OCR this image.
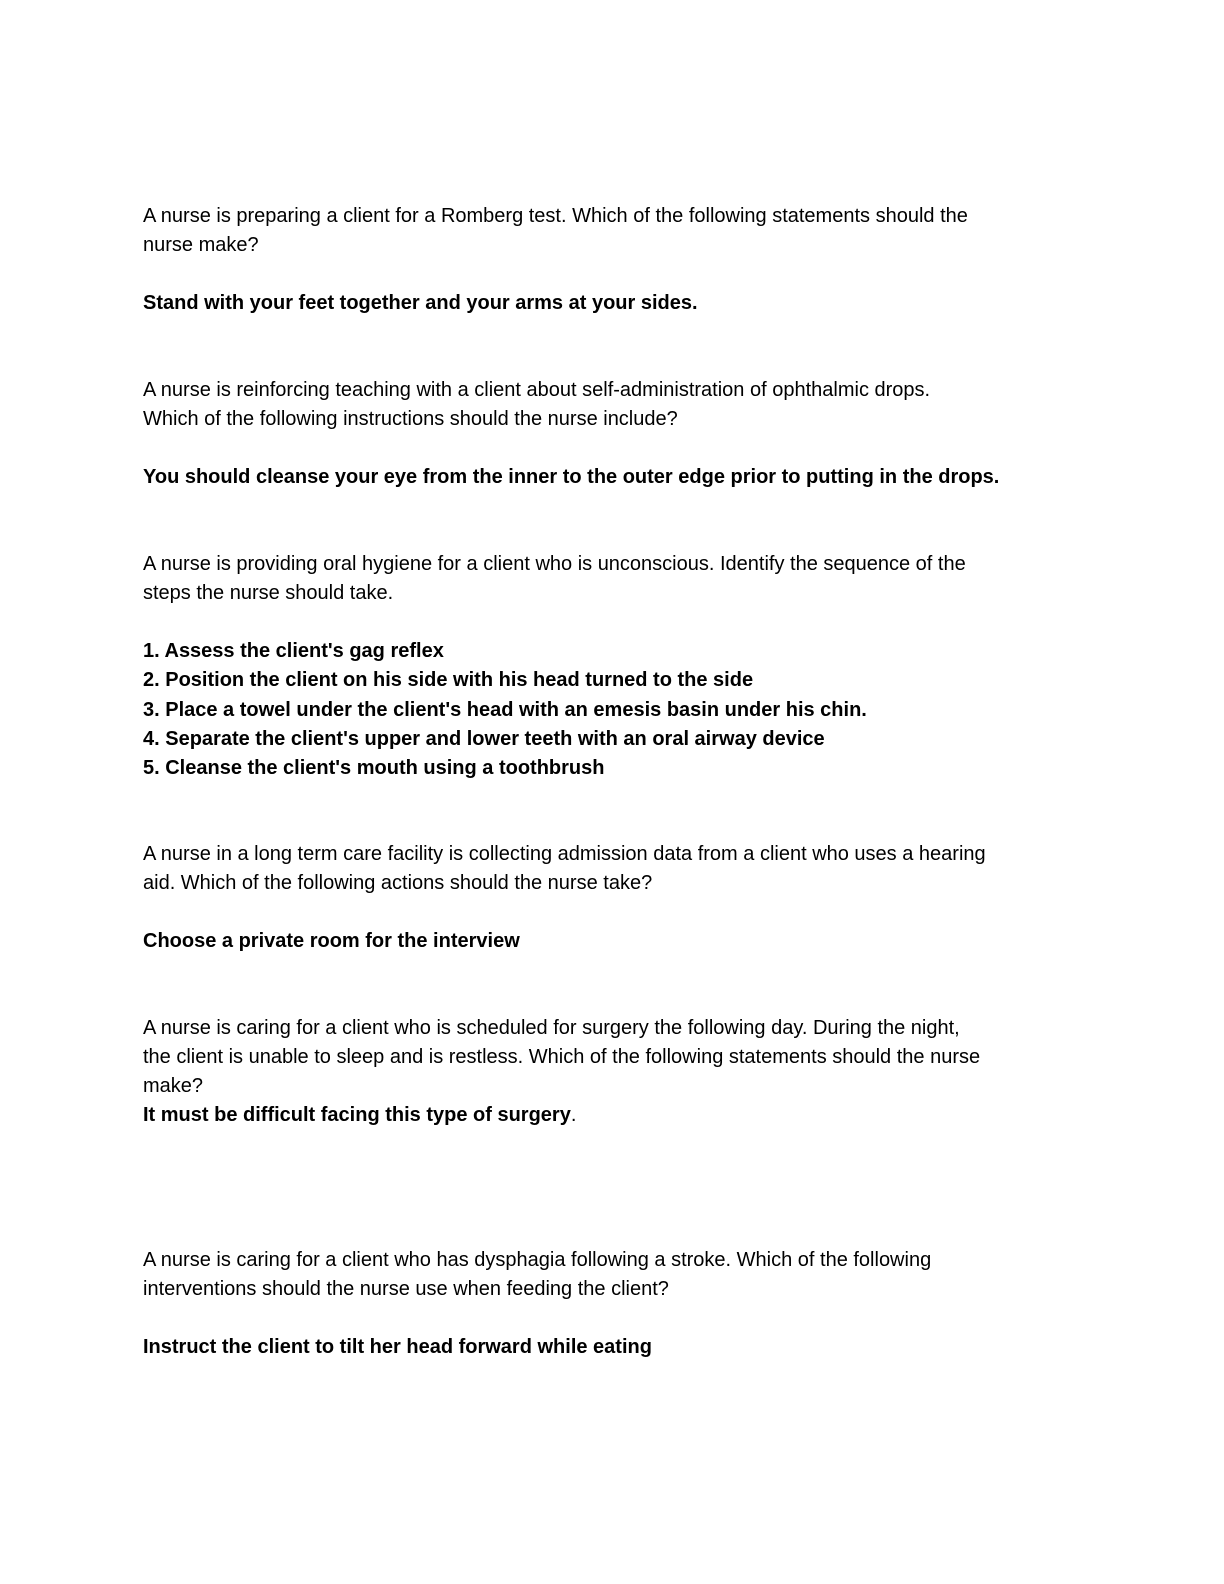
A nurse is preparing a client for a Romberg test. Which of the following statements should the

nurse make?

Stand with your feet together and your arms at your sides.

A nurse is reinforcing teaching with a client about self-administration of ophthalmic drops.

Which of the following instructions should the nurse include?

You should cleanse your eye from the inner to the outer edge prior to putting in the drops.

A nurse is providing oral hygiene for a client who is unconscious. Identify the sequence of the

steps the nurse should take.

1. Assess the client's gag reflex

2. Position the client on his side with his head turned to the side

3. Place a towel under the client's head with an emesis basin under his chin.

4. Separate the client's upper and lower teeth with an oral airway device

5. Cleanse the client's mouth using a toothbrush

A nurse in a long term care facility is collecting admission data from a client who uses a hearing

aid. Which of the following actions should the nurse take?

Choose a private room for the interview

A nurse is caring for a client who is scheduled for surgery the following day. During the night,

the client is unable to sleep and is restless. Which of the following statements should the nurse

make?

It must be difficult facing this type of surgery.

A nurse is caring for a client who has dysphagia following a stroke. Which of the following

interventions should the nurse use when feeding the client?

Instruct the client to tilt her head forward while eating
